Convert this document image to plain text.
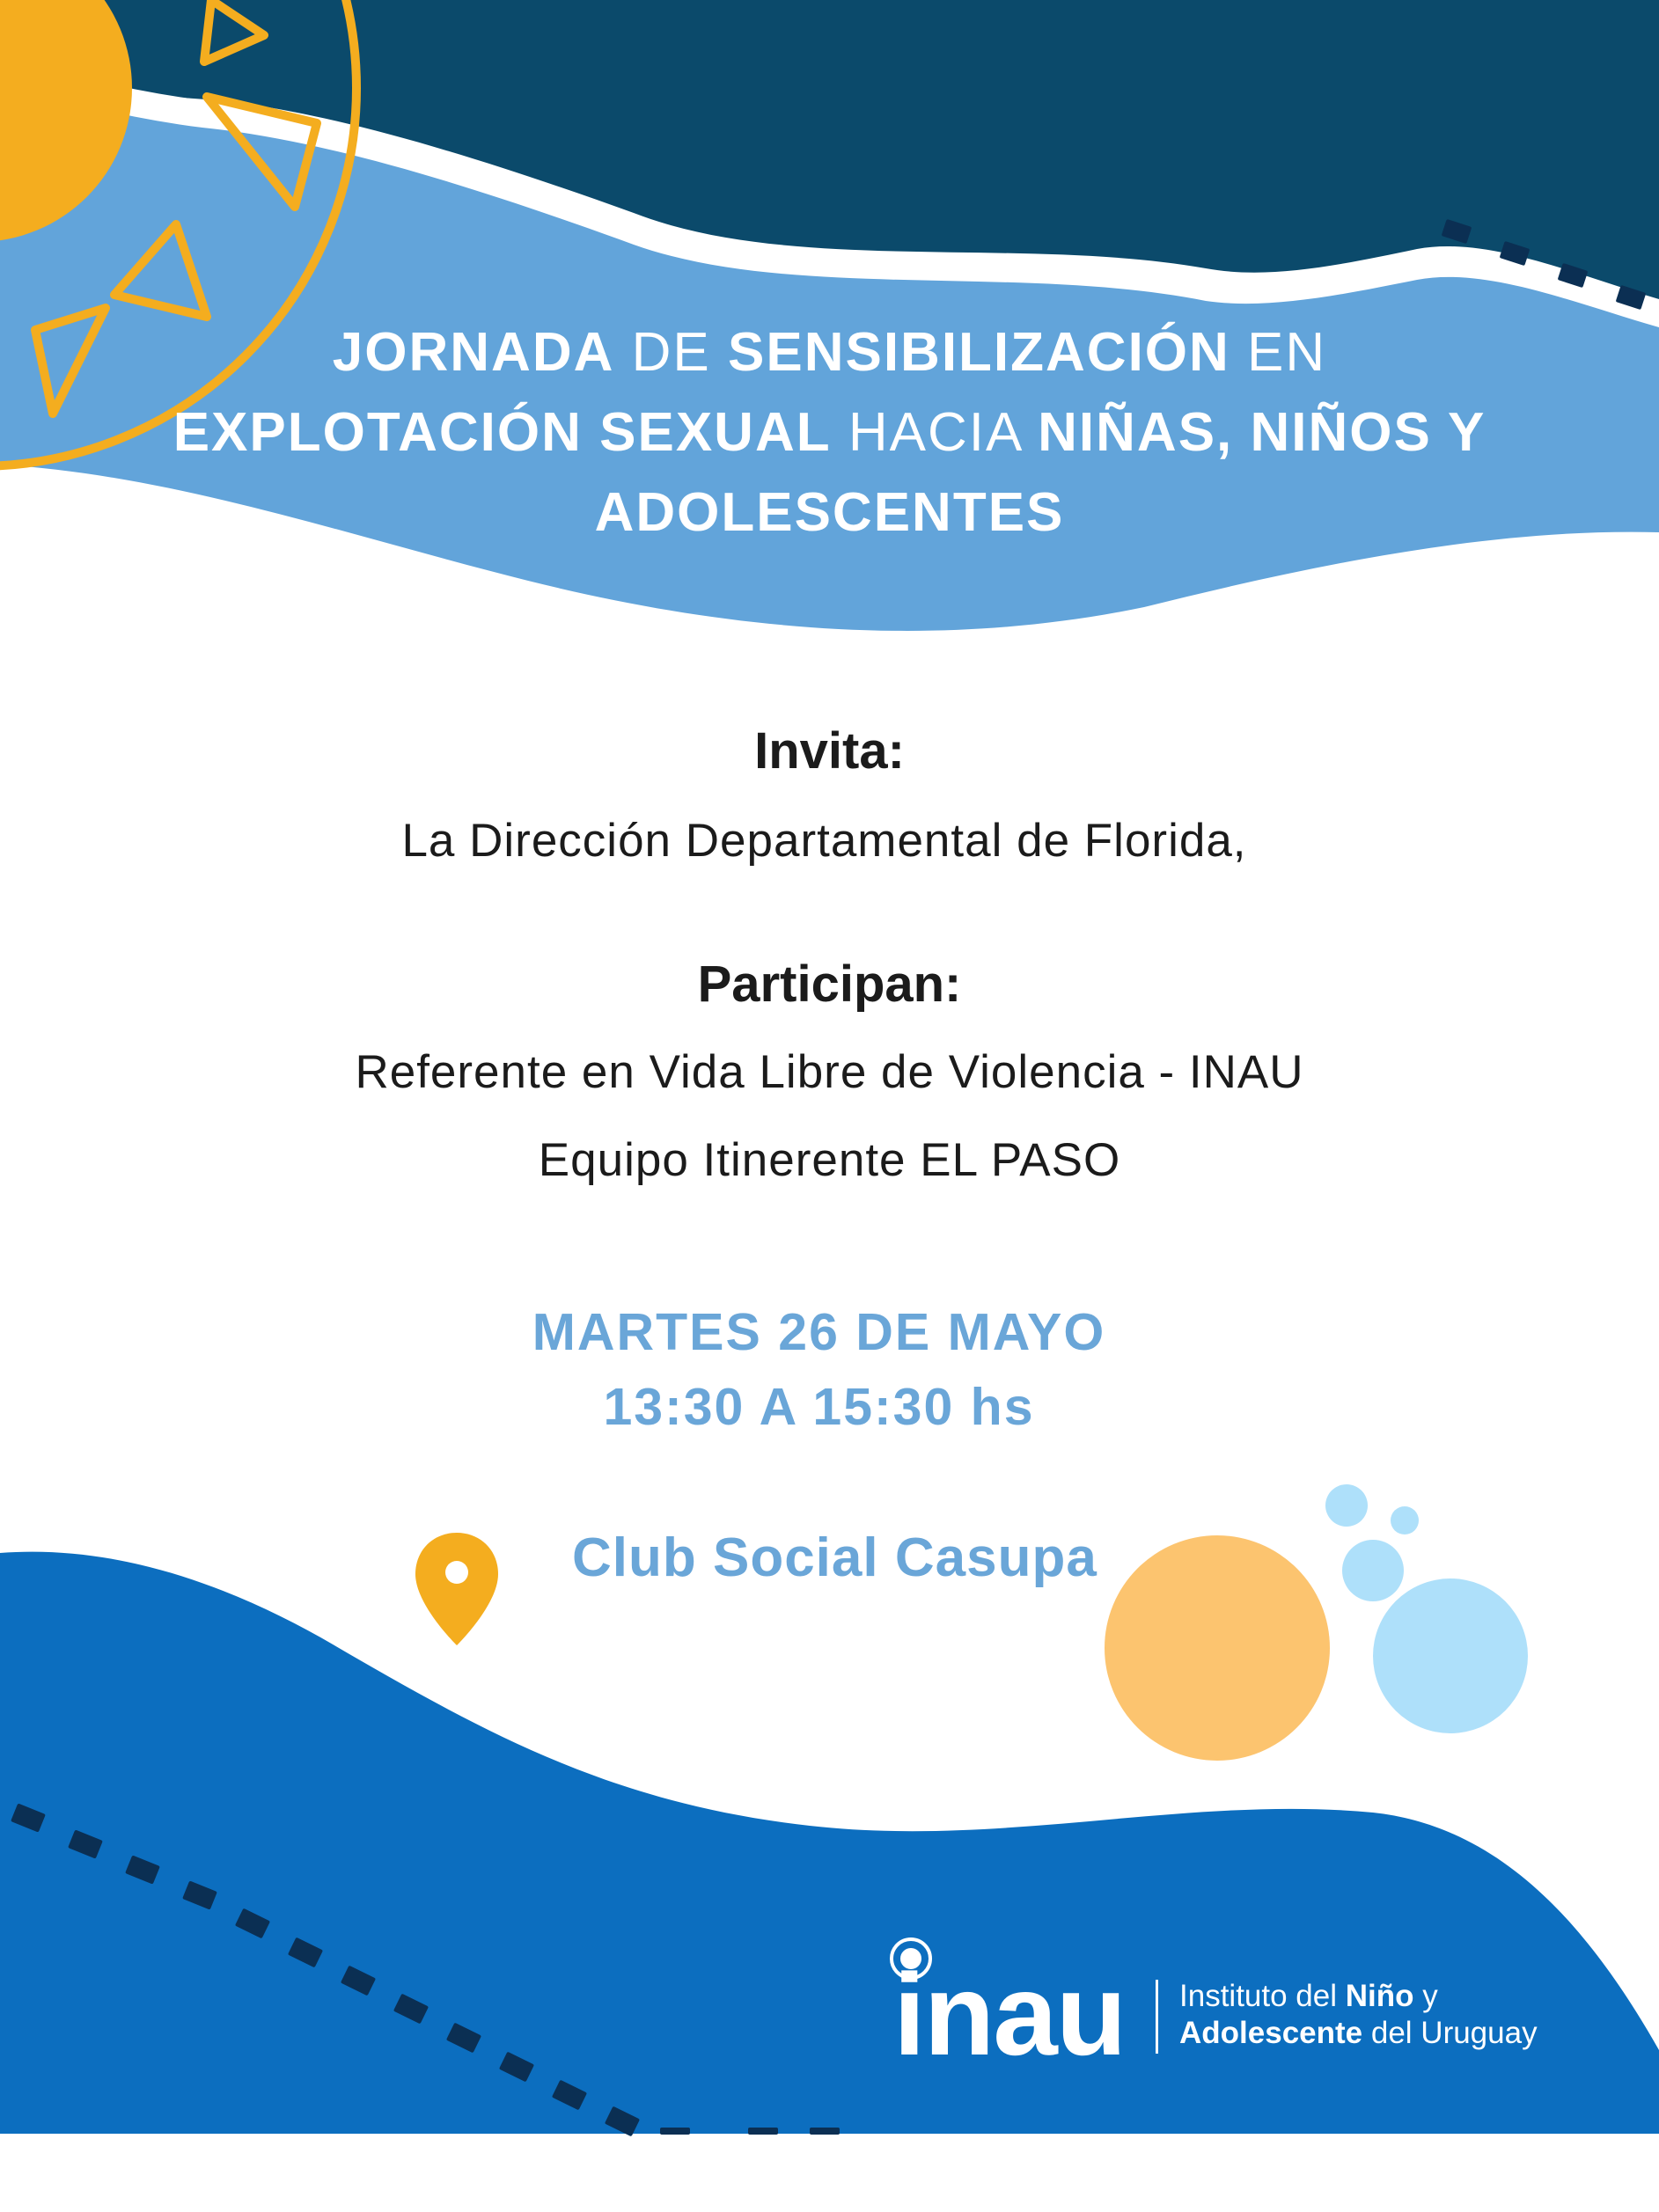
JORNADA DE SENSIBILIZACIÓN EN
EXPLOTACIÓN SEXUAL HACIA NIÑAS, NIÑOS Y
ADOLESCENTES
Invita:
La Dirección Departamental de Florida,
Participan:
Referente en Vida Libre de Violencia - INAU
Equipo Itinerente EL PASO
MARTES 26 DE MAYO
13:30 A 15:30 hs
Club Social Casupa
inau Instituto del Niño y
Adolescente del Uruguay
